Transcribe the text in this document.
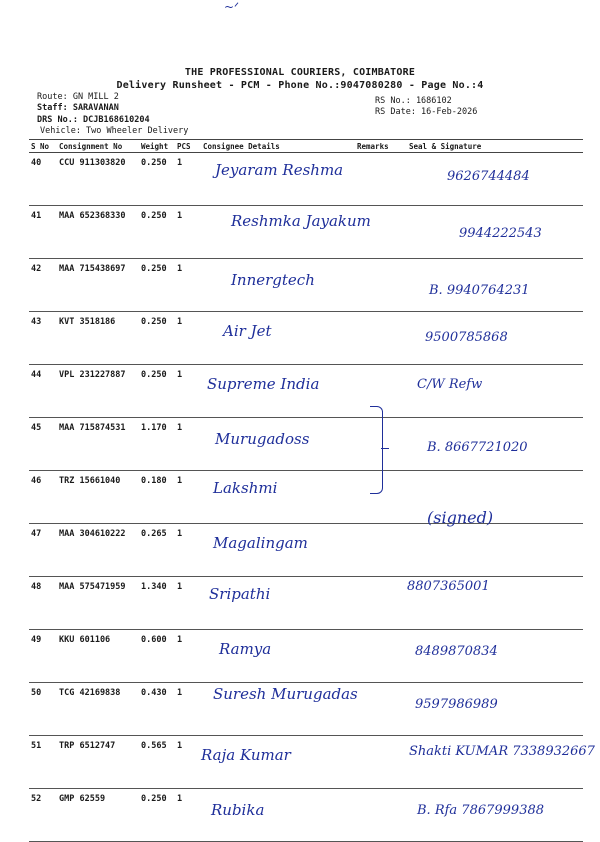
~ᐟ
THE PROFESSIONAL COURIERS, COIMBATORE
Delivery Runsheet - PCM - Phone No.:9047080280 - Page No.:4
Route: GN MILL 2
Staff: SARAVANAN
DRS No.: DCJB168610204
Vehicle: Two Wheeler Delivery
RS No.: 1686102
RS Date: 16-Feb-2026
S No	Consignment No	Weight	PCS	Consignee Details	Remarks	Seal & Signature
40	CCU 911303820	0.250	1	Jeyaram Reshma		9626744484

41	MAA 652368330	0.250	1	Reshmka Jayakum		9944222543

42	MAA 715438697	0.250	1	Innergtech		B. 9940764231

43	KVT 3518186	0.250	1	Air Jet		9500785868

44	VPL 231227887	0.250	1	Supreme India		C/W Refw

45	MAA 715874531	1.170	1	Murugadoss		B. 8667721020

46	TRZ 15661040	0.180	1	Lakshmi		

47	MAA 304610222	0.265	1	Magalingam		(signed)

48	MAA 575471959	1.340	1	Sripathi		8807365001

49	KKU 601106	0.600	1	Ramya		8489870834

50	TCG 42169838	0.430	1	Suresh Murugadas		9597986989

51	TRP 6512747	0.565	1	Raja Kumar		Shakti KUMAR 7338932667

52	GMP 62559	0.250	1	Rubika		B. Rfa 7867999388
